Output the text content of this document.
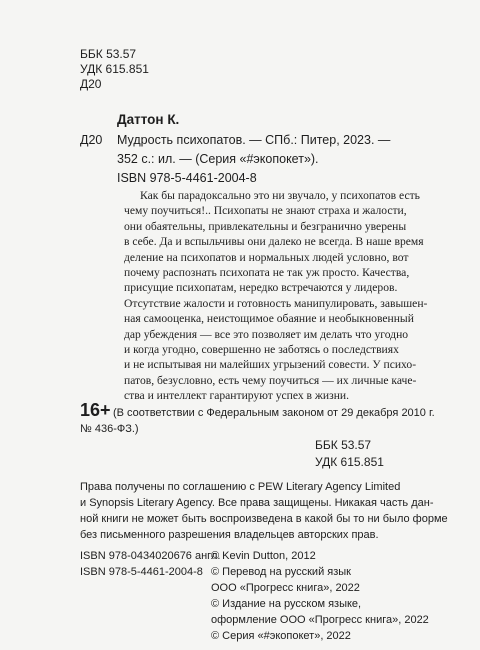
ББК 53.57
УДК 615.851
Д20
Даттон К.
Д20 Мудрость психопатов. — СПб.: Питер, 2023. —
352 с.: ил. — (Серия «#экопокет»).
ISBN 978-5-4461-2004-8
Как бы парадоксально это ни звучало, у психопатов есть
чему поучиться!.. Психопаты не знают страха и жалости,
они обаятельны, привлекательны и безгранично уверены
в себе. Да и вспыльчивы они далеко не всегда. В наше время
деление на психопатов и нормальных людей условно, вот
почему распознать психопата не так уж просто. Качества,
присущие психопатам, нередко встречаются у лидеров.
Отсутствие жалости и готовность манипулировать, завышен-
ная самооценка, неистощимое обаяние и необыкновенный
дар убеждения — все это позволяет им делать что угодно
и когда угодно, совершенно не заботясь о последствиях
и не испытывая ни малейших угрызений совести. У психо-
патов, безусловно, есть чему поучиться — их личные каче-
ства и интеллект гарантируют успех в жизни.
16+ (В соответствии с Федеральным законом от 29 декабря 2010 г.
№ 436-ФЗ.)
ББК 53.57
УДК 615.851
Права получены по соглашению с PEW Literary Agency Limited
и Synopsis Literary Agency. Все права защищены. Никакая часть дан-
ной книги не может быть воспроизведена в какой бы то ни было форме
без письменного разрешения владельцев авторских прав.
ISBN 978-0434020676 англ.
ISBN 978-5-4461-2004-8
© Kevin Dutton, 2012
© Перевод на русский язык
ООО «Прогресс книга», 2022
© Издание на русском языке,
оформление ООО «Прогресс книга», 2022
© Серия «#экопокет», 2022
